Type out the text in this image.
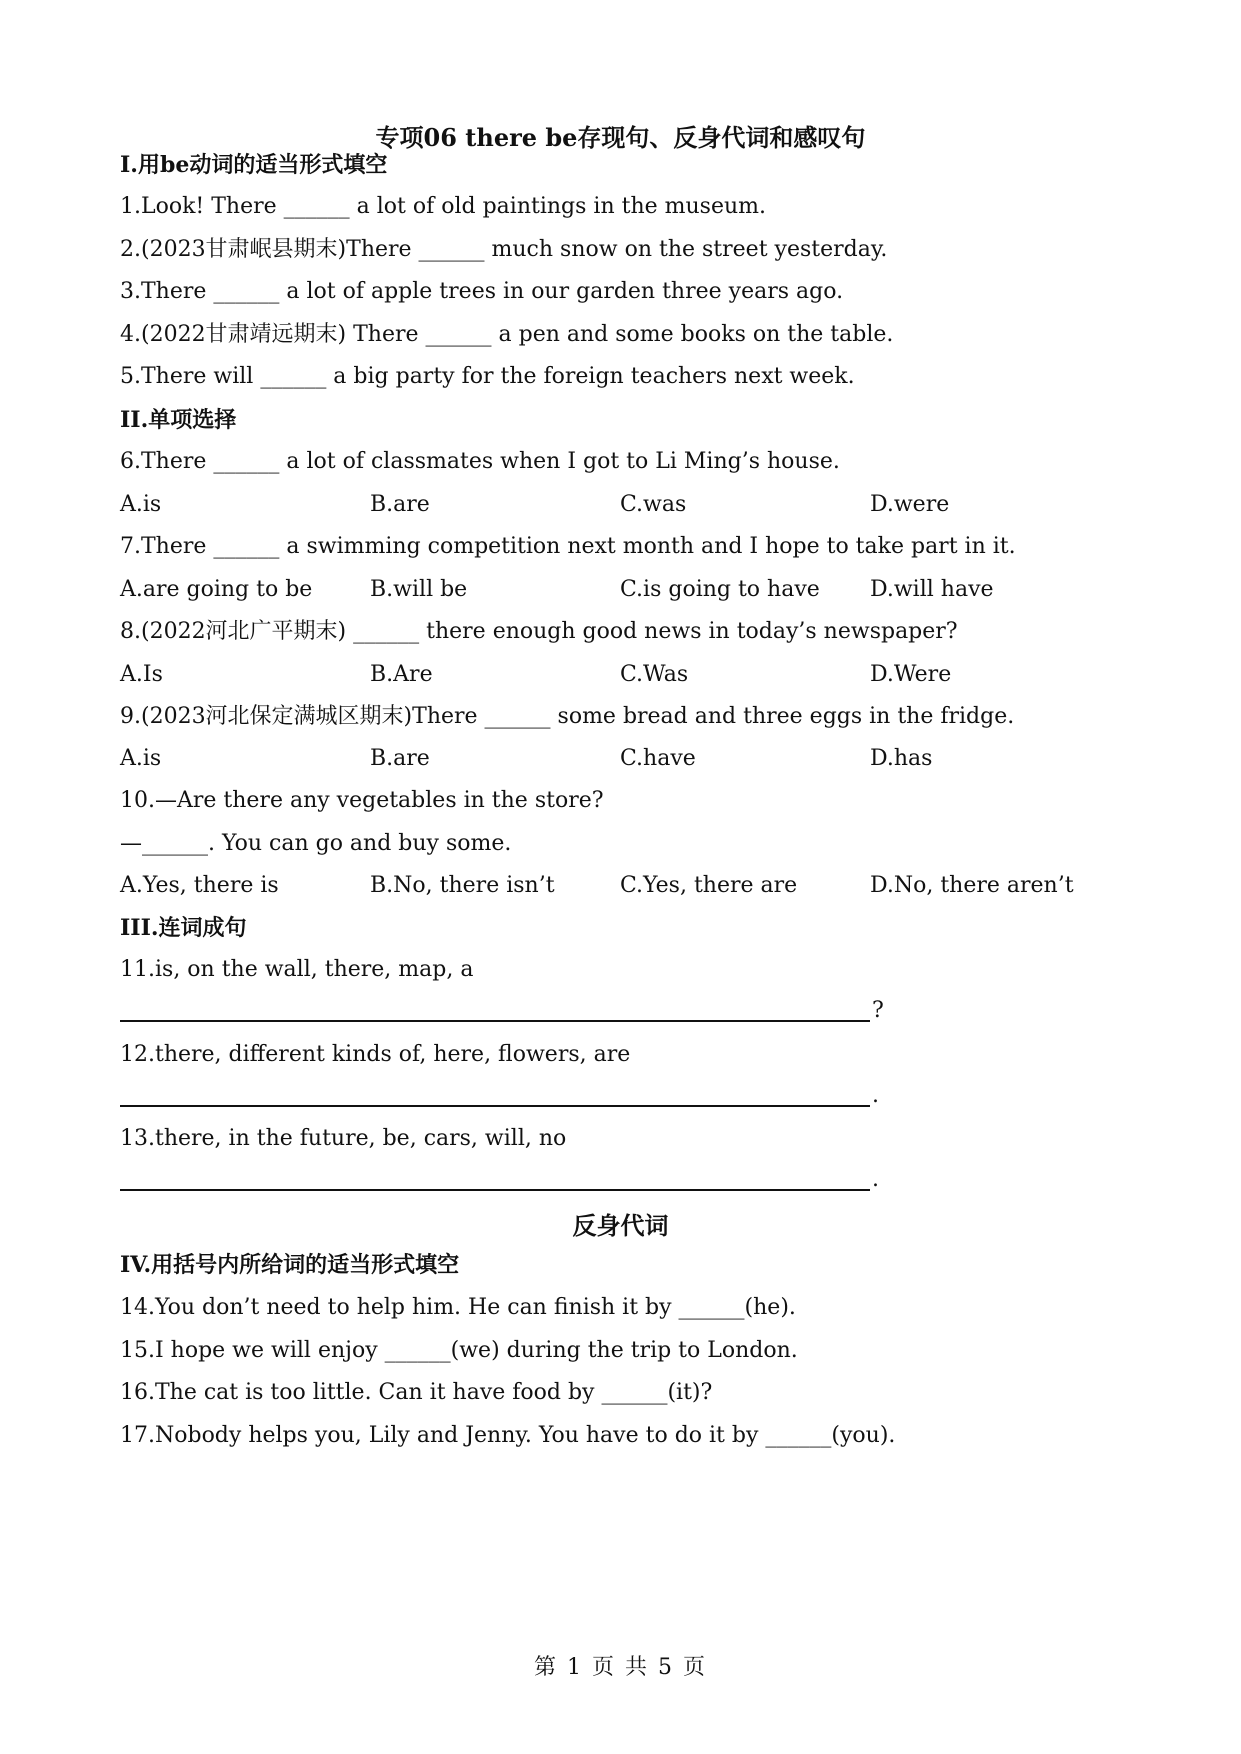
专项06 there be存现句、反身代词和感叹句
I.用be动词的适当形式填空
1.Look! There ______ a lot of old paintings in the museum.
2.(2023甘肃岷县期末)There ______ much snow on the street yesterday.
3.There ______ a lot of apple trees in our garden three years ago.
4.(2022甘肃靖远期末) There ______ a pen and some books on the table.
5.There will ______ a big party for the foreign teachers next week.
II.单项选择
6.There ______ a lot of classmates when I got to Li Ming’s house.
A.is	B.are	C.was	D.were
7.There ______ a swimming competition next month and I hope to take part in it.
A.are going to be	B.will be	C.is going to have D.will have
8.(2022河北广平期末) ______ there enough good news in today’s newspaper?
A.Is	B.Are	C.Was	D.Were
9.(2023河北保定满城区期末)There ______ some bread and three eggs in the fridge.
A.is	B.are	C.have	D.has
10.—Are there any vegetables in the store?
—______. You can go and buy some.
A.Yes, there is	B.No, there isn’t	C.Yes, there are	D.No, there aren’t
III.连词成句
11.is, on the wall, there, map, a
?
12.there, different kinds of, here, flowers, are
.
13.there, in the future, be, cars, will, no
.
反身代词
IV.用括号内所给词的适当形式填空
14.You don’t need to help him. He can finish it by ______(he).
15.I hope we will enjoy ______(we) during the trip to London.
16.The cat is too little. Can it have food by ______(it)?
17.Nobody helps you, Lily and Jenny. You have to do it by ______(you).
第 1 页 共 5 页
